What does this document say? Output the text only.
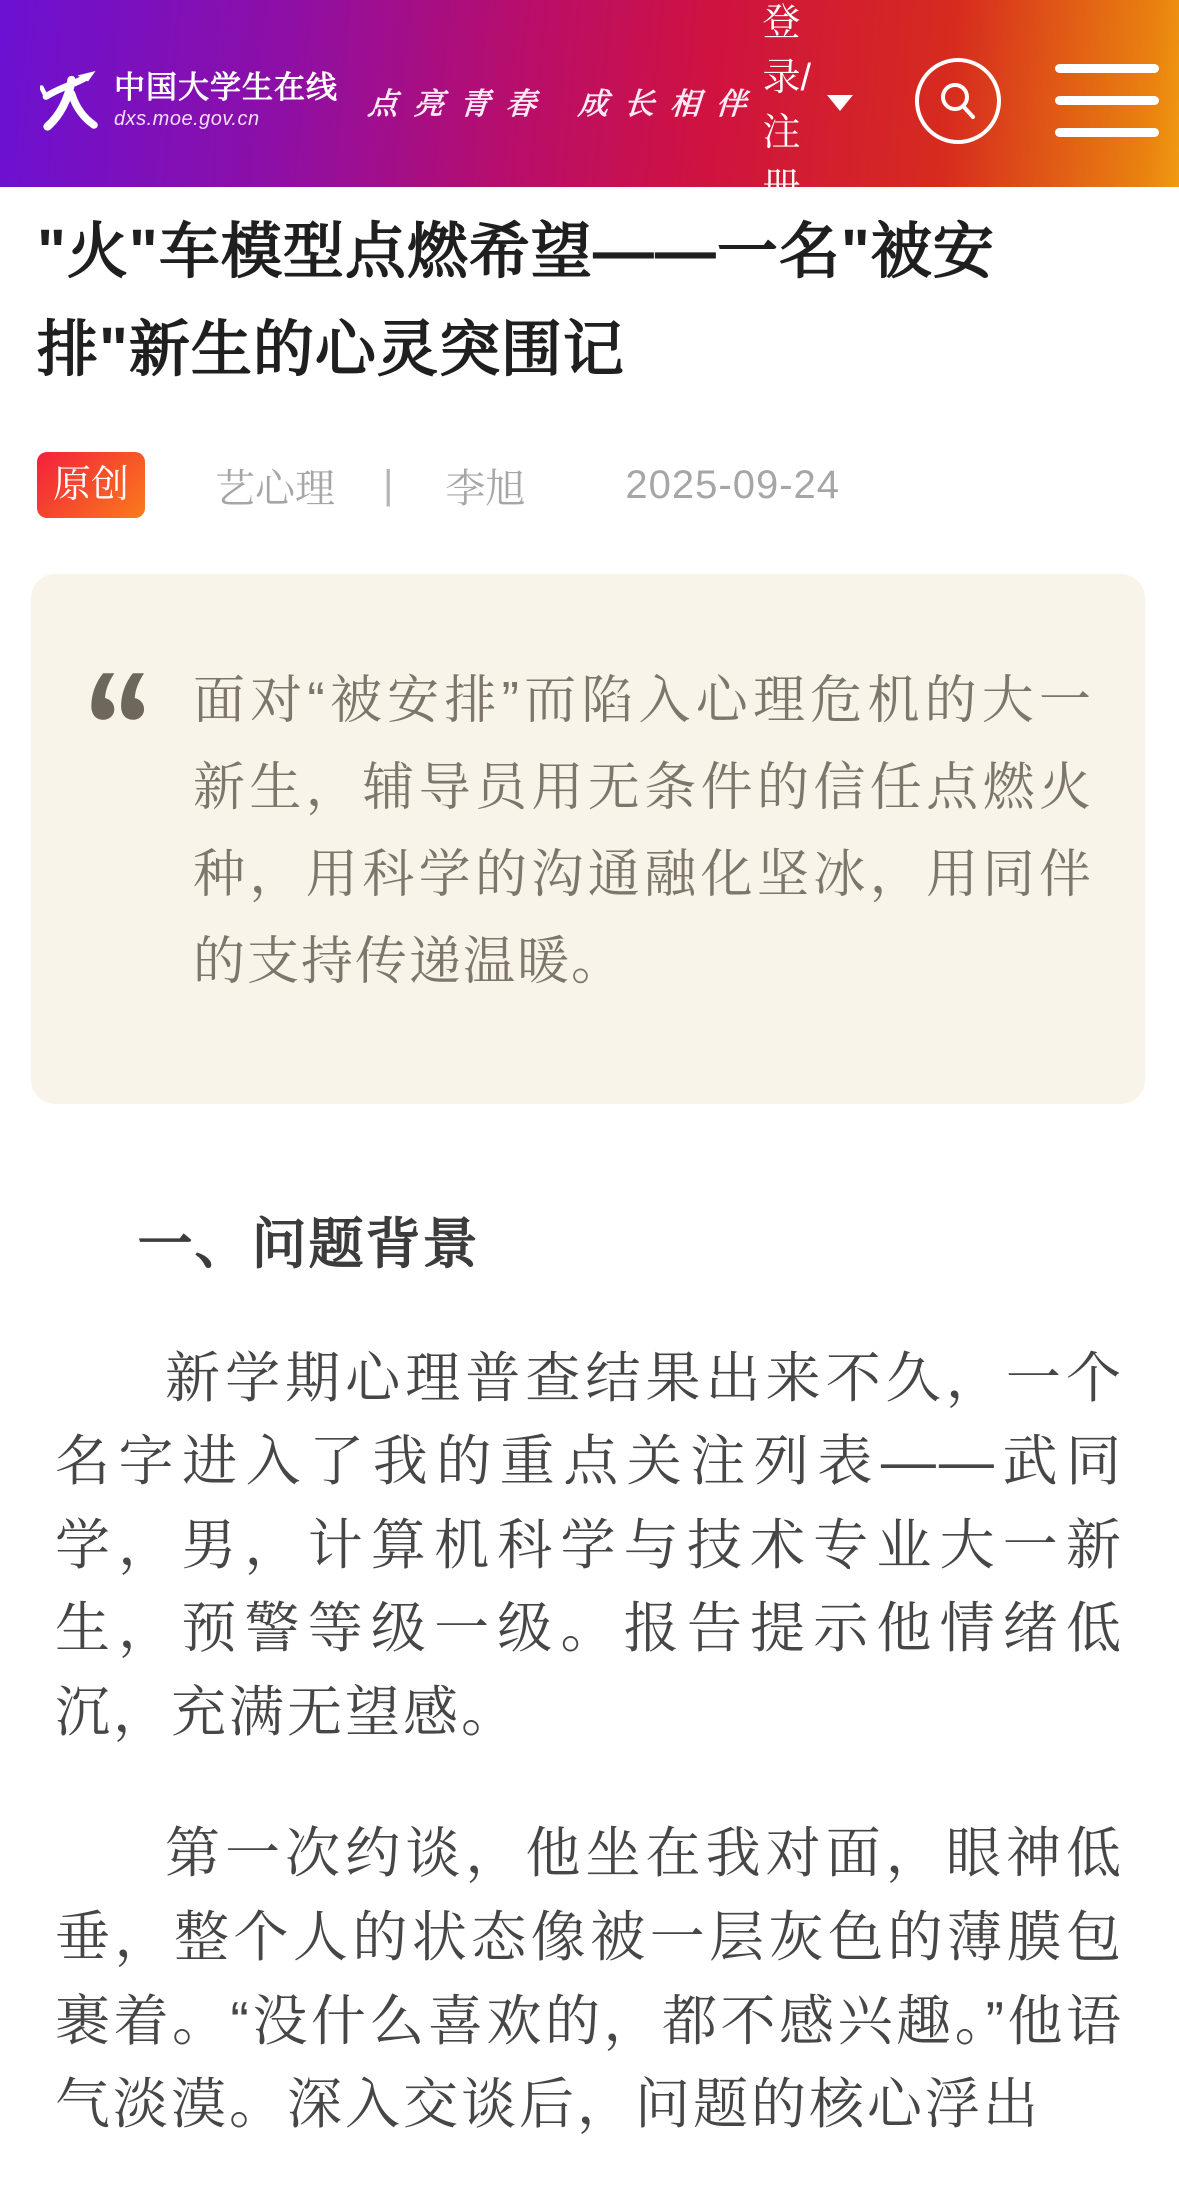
中国大学生在线
dxs.moe.gov.cn	点亮青春 成长相伴
登录/注册
"火"车模型点燃希望——一名"被安排"新生的心灵突围记
原创	艺心理 | 李旭	2025-09-24
面对“被安排”而陷入心理危机的大一新生，辅导员用无条件的信任点燃火种，用科学的沟通融化坚冰，用同伴的支持传递温暖。
一、问题背景

新学期心理普查结果出来不久，一个名字进入了我的重点关注列表——武同学，男，计算机科学与技术专业大一新生，预警等级一级。报告提示他情绪低沉，充满无望感。

第一次约谈，他坐在我对面，眼神低垂，整个人的状态像被一层灰色的薄膜包裹着。“没什么喜欢的，都不感兴趣。”他语气淡漠。深入交谈后，问题的核心浮出
